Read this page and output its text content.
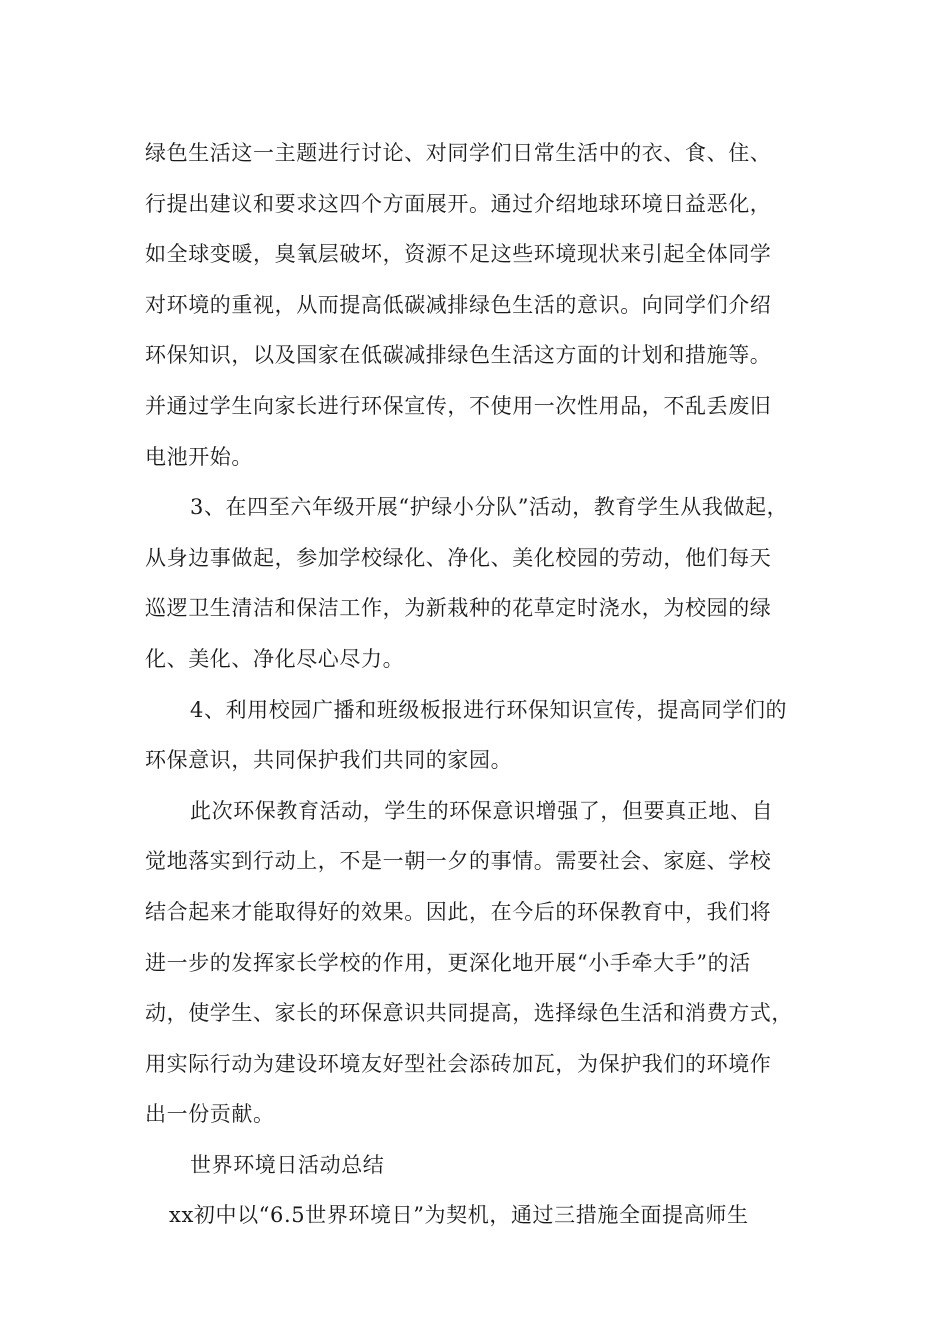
绿色生活这一主题进行讨论、对同学们日常生活中的衣、食、住、
行提出建议和要求这四个方面展开。通过介绍地球环境日益恶化，
如全球变暖，臭氧层破坏，资源不足这些环境现状来引起全体同学
对环境的重视，从而提高低碳减排绿色生活的意识。向同学们介绍
环保知识，以及国家在低碳减排绿色生活这方面的计划和措施等。
并通过学生向家长进行环保宣传，不使用一次性用品，不乱丢废旧
电池开始。
3、在四至六年级开展“护绿小分队”活动，教育学生从我做起，
从身边事做起，参加学校绿化、净化、美化校园的劳动，他们每天
巡逻卫生清洁和保洁工作，为新栽种的花草定时浇水，为校园的绿
化、美化、净化尽心尽力。
4、利用校园广播和班级板报进行环保知识宣传，提高同学们的
环保意识，共同保护我们共同的家园。
此次环保教育活动，学生的环保意识增强了，但要真正地、自
觉地落实到行动上，不是一朝一夕的事情。需要社会、家庭、学校
结合起来才能取得好的效果。因此，在今后的环保教育中，我们将
进一步的发挥家长学校的作用，更深化地开展“小手牵大手”的活
动，使学生、家长的环保意识共同提高，选择绿色生活和消费方式，
用实际行动为建设环境友好型社会添砖加瓦，为保护我们的环境作
出一份贡献。
世界环境日活动总结
xx初中以“6.5世界环境日”为契机，通过三措施全面提高师生
